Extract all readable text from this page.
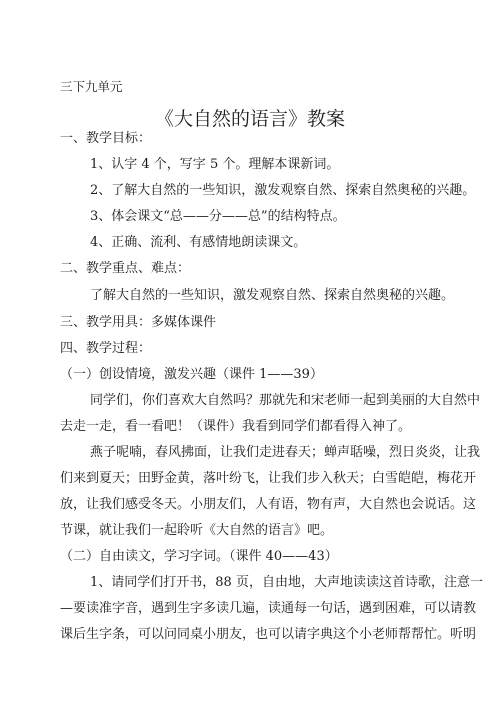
三下九单元
《大自然的语言》教案
一、教学目标：
1、认字 4 个，写字 5 个。理解本课新词。
2、了解大自然的一些知识，激发观察自然、探索自然奥秘的兴趣。
3、体会课文“总——分——总”的结构特点。
4、正确、流利、有感情地朗读课文。
二、教学重点、难点：
了解大自然的一些知识，激发观察自然、探索自然奥秘的兴趣。
三、教学用具：多媒体课件
四、教学过程：
（一）创设情境，激发兴趣（课件 1——39）
同学们，你们喜欢大自然吗？那就先和宋老师一起到美丽的大自然中
去走一走，看一看吧！（课件）我看到同学们都看得入神了。
燕子呢喃，春风拂面，让我们走进春天；蝉声聒噪，烈日炎炎，让我
们来到夏天；田野金黄，落叶纷飞，让我们步入秋天；白雪皑皑，梅花开
放，让我们感受冬天。小朋友们，人有语，物有声，大自然也会说话。这
节课，就让我们一起聆听《大自然的语言》吧。
（二）自由读文，学习字词。（课件 40——43）
1、请同学们打开书，88 页，自由地，大声地读读这首诗歌，注意一
—要读准字音，遇到生字多读几遍，读通每一句话，遇到困难，可以请教
课后生字条，可以问同桌小朋友，也可以请字典这个小老师帮帮忙。听明
